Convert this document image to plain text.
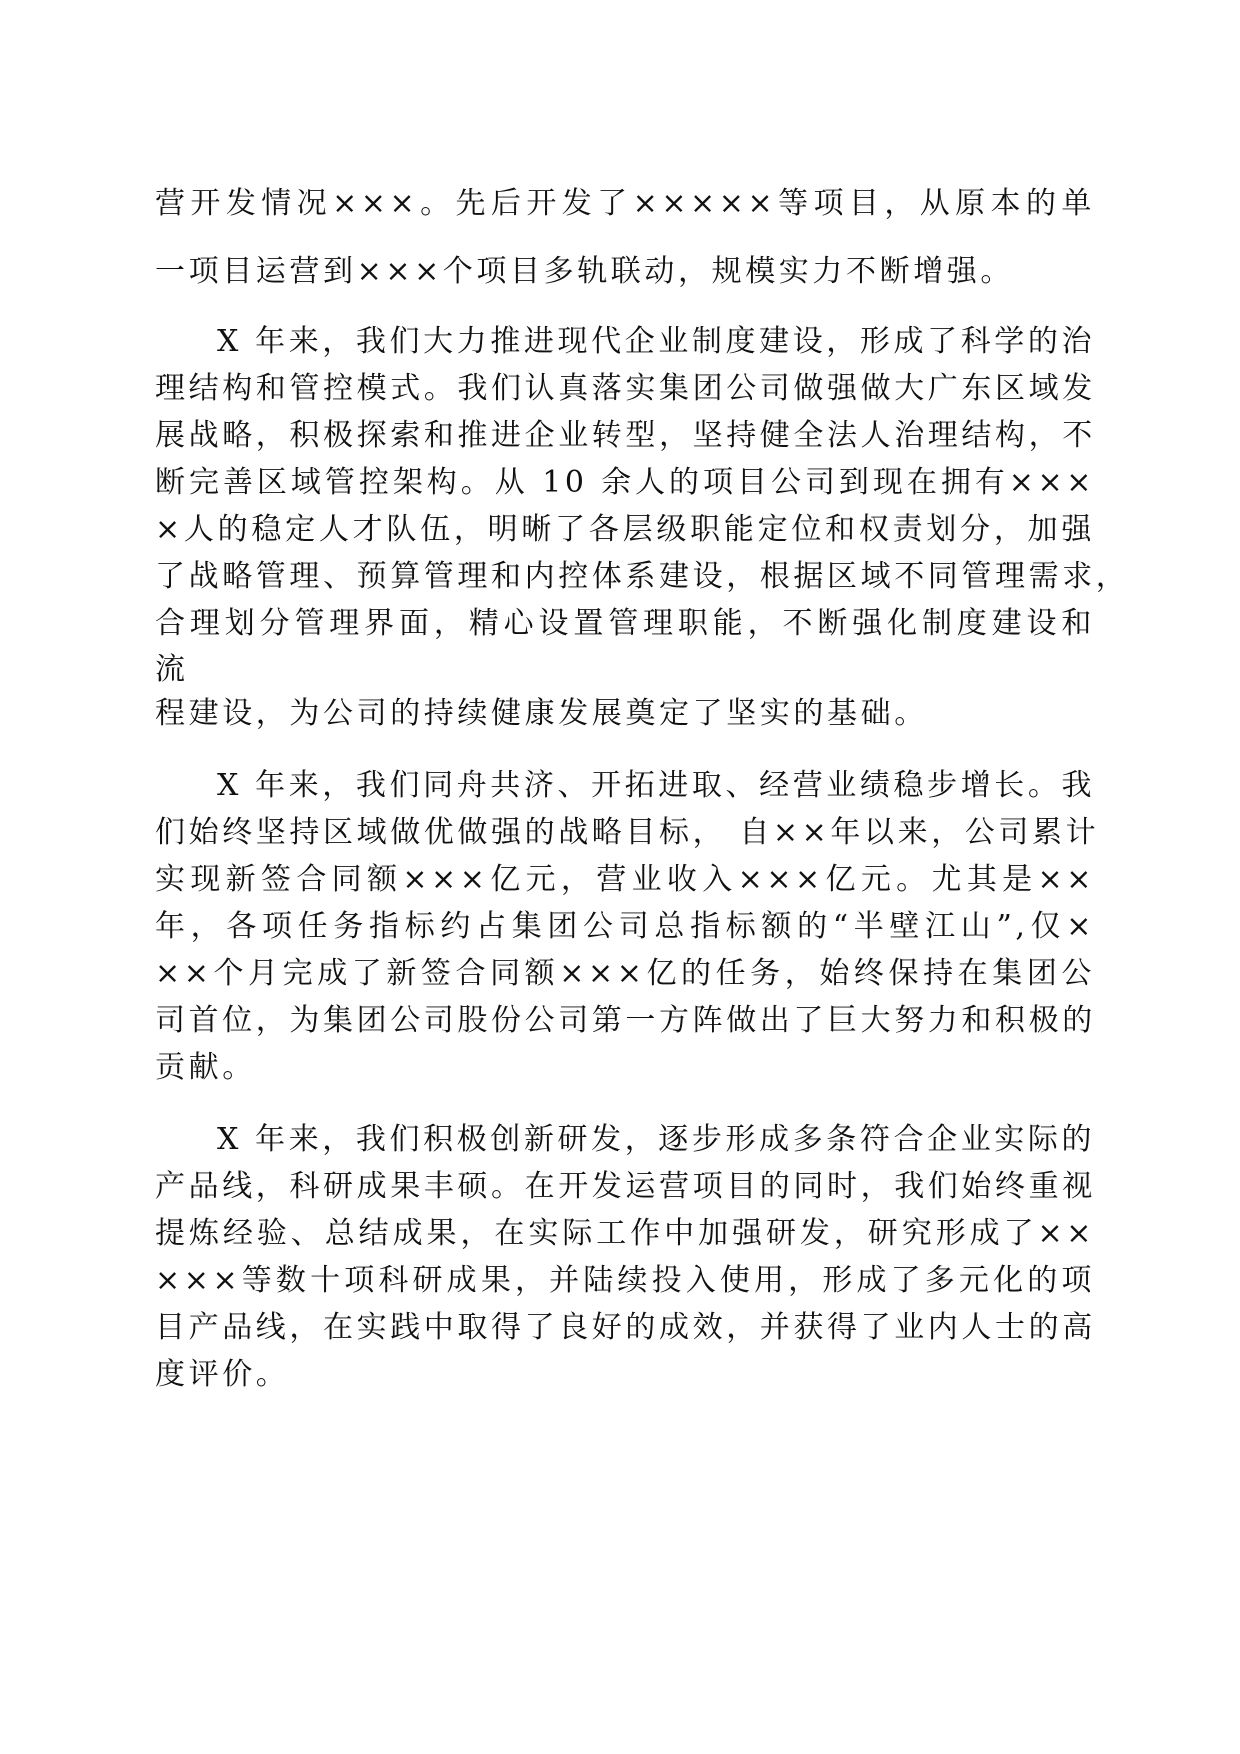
营开发情况×××。先后开发了×××××等项目，从原本的单
一项目运营到×××个项目多轨联动，规模实力不断增强。
X 年来，我们大力推进现代企业制度建设，形成了科学的治
理结构和管控模式。我们认真落实集团公司做强做大广东区域发
展战略，积极探索和推进企业转型，坚持健全法人治理结构，不
断完善区域管控架构。从 10 余人的项目公司到现在拥有×××
×人的稳定人才队伍，明晰了各层级职能定位和权责划分，加强
了战略管理、预算管理和内控体系建设，根据区域不同管理需求，
合理划分管理界面，精心设置管理职能，不断强化制度建设和
流
程建设，为公司的持续健康发展奠定了坚实的基础。
X 年来，我们同舟共济、开拓进取、经营业绩稳步增长。我
们始终坚持区域做优做强的战略目标， 自××年以来，公司累计
实现新签合同额×××亿元，营业收入×××亿元。尤其是××
年，各项任务指标约占集团公司总指标额的“半壁江山”,仅×
××个月完成了新签合同额×××亿的任务，始终保持在集团公
司首位，为集团公司股份公司第一方阵做出了巨大努力和积极的
贡献。
X 年来，我们积极创新研发，逐步形成多条符合企业实际的
产品线，科研成果丰硕。在开发运营项目的同时，我们始终重视
提炼经验、总结成果，在实际工作中加强研发，研究形成了××
×××等数十项科研成果，并陆续投入使用，形成了多元化的项
目产品线，在实践中取得了良好的成效，并获得了业内人士的高
度评价。
